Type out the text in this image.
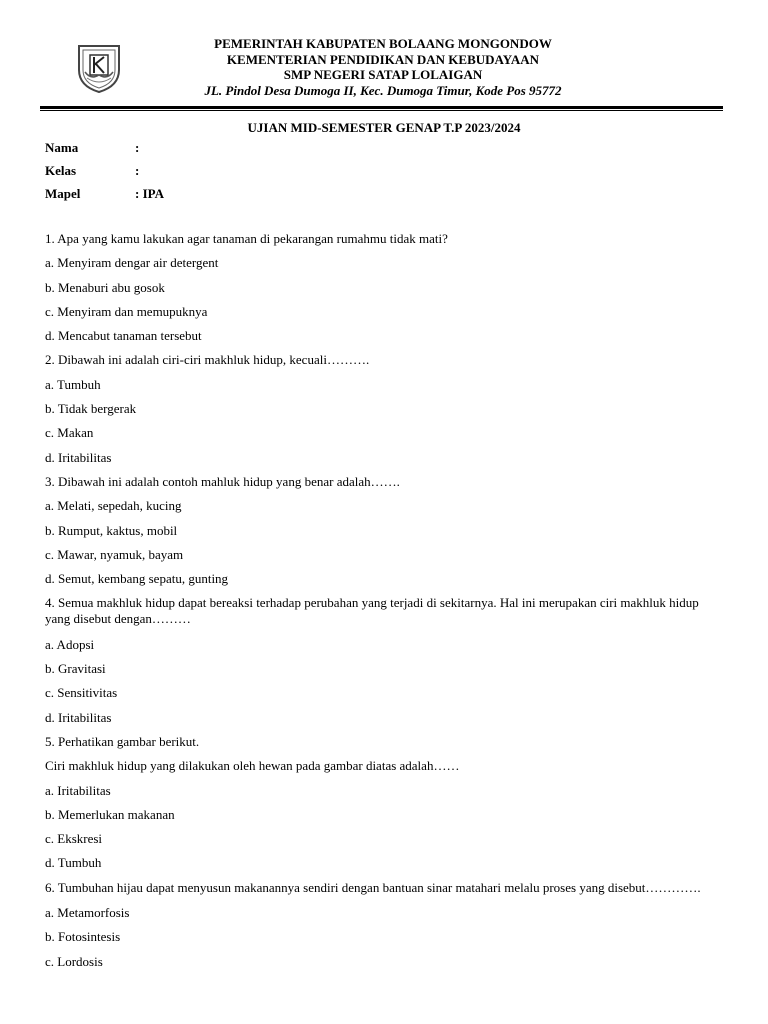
PEMERINTAH KABUPATEN BOLAANG MONGONDOW
KEMENTERIAN PENDIDIKAN DAN KEBUDAYAAN
SMP NEGERI SATAP LOLAIGAN
JL. Pindol Desa Dumoga II, Kec. Dumoga Timur, Kode Pos 95772
UJIAN MID-SEMESTER GENAP T.P 2023/2024
Nama	:
Kelas	:
Mapel	: IPA
1. Apa yang kamu lakukan agar tanaman di pekarangan rumahmu tidak mati?
a. Menyiram dengar air detergent
b. Menaburi abu gosok
c. Menyiram dan memupuknya
d. Mencabut tanaman tersebut
2. Dibawah ini adalah ciri-ciri makhluk hidup, kecuali……….
a. Tumbuh
b. Tidak bergerak
c. Makan
d. Iritabilitas
3. Dibawah ini adalah contoh mahluk hidup yang benar adalah…….
a. Melati, sepedah, kucing
b. Rumput, kaktus, mobil
c. Mawar, nyamuk, bayam
d. Semut, kembang sepatu, gunting
4. Semua makhluk hidup dapat bereaksi terhadap perubahan yang terjadi di sekitarnya. Hal ini merupakan ciri makhluk hidup yang disebut dengan………
a. Adopsi
b. Gravitasi
c. Sensitivitas
d. Iritabilitas
5. Perhatikan gambar berikut.
Ciri makhluk hidup yang dilakukan oleh hewan pada gambar diatas adalah……
a. Iritabilitas
b. Memerlukan makanan
c. Ekskresi
d. Tumbuh
6. Tumbuhan hijau dapat menyusun makanannya sendiri dengan bantuan sinar matahari melalu proses yang disebut………….
a. Metamorfosis
b. Fotosintesis
c. Lordosis
